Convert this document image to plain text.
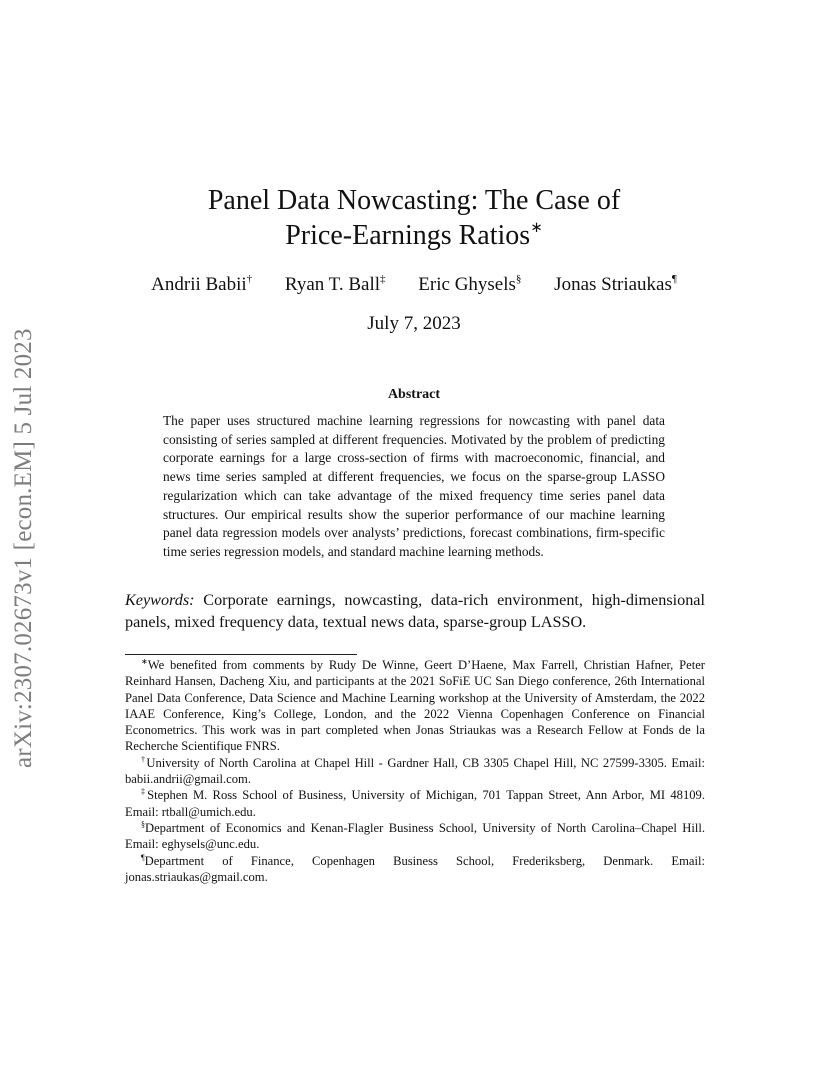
arXiv:2307.02673v1 [econ.EM] 5 Jul 2023
Panel Data Nowcasting: The Case of
Price-Earnings Ratios∗
Andrii Babii† Ryan T. Ball‡ Eric Ghysels§ Jonas Striaukas¶
July 7, 2023
Abstract
The paper uses structured machine learning regressions for nowcasting with panel data consisting of series sampled at different frequencies. Motivated by the problem of predicting corporate earnings for a large cross-section of firms with macroeconomic, financial, and news time series sampled at different frequencies, we focus on the sparse-group LASSO regularization which can take advantage of the mixed frequency time series panel data structures. Our empirical results show the superior performance of our machine learning panel data regression models over analysts’ predictions, forecast combinations, firm-specific time series regression models, and standard machine learning methods.
Keywords: Corporate earnings, nowcasting, data-rich environment, high-dimensional panels, mixed frequency data, textual news data, sparse-group LASSO.

∗We benefited from comments by Rudy De Winne, Geert D’Haene, Max Farrell, Christian Hafner, Peter Reinhard Hansen, Dacheng Xiu, and participants at the 2021 SoFiE UC San Diego conference, 26th International Panel Data Conference, Data Science and Machine Learning workshop at the University of Amsterdam, the 2022 IAAE Conference, King’s College, London, and the 2022 Vienna Copenhagen Conference on Financial Econometrics. This work was in part completed when Jonas Striaukas was a Research Fellow at Fonds de la Recherche Scientifique FNRS.

†University of North Carolina at Chapel Hill - Gardner Hall, CB 3305 Chapel Hill, NC 27599-3305. Email: babii.andrii@gmail.com.

‡Stephen M. Ross School of Business, University of Michigan, 701 Tappan Street, Ann Arbor, MI 48109. Email: rtball@umich.edu.

§Department of Economics and Kenan-Flagler Business School, University of North Carolina–Chapel Hill. Email: eghysels@unc.edu.

¶Department of Finance, Copenhagen Business School, Frederiksberg, Denmark. Email: jonas.striaukas@gmail.com.
